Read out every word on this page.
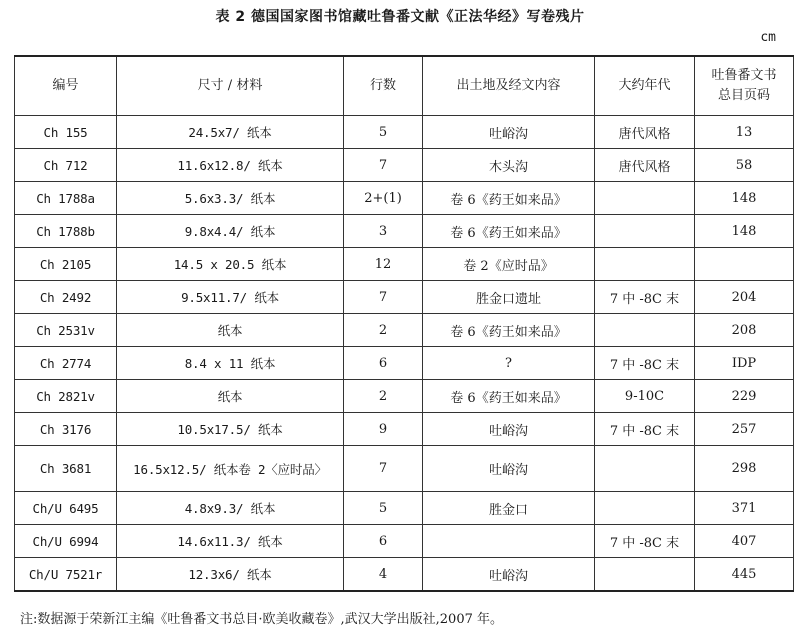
表 2 德国国家图书馆藏吐鲁番文献《正法华经》写卷残片
cm
编号	尺寸 / 材料	行数	出土地及经文内容	大约年代	吐鲁番文书
总目页码

Ch 155	24.5x7/ 纸本	5	吐峪沟	唐代风格	13
Ch 712	11.6x12.8/ 纸本	7	木头沟	唐代风格	58
Ch 1788a	5.6x3.3/ 纸本	2+(1)	卷 6《药王如来品》		148
Ch 1788b	9.8x4.4/ 纸本	3	卷 6《药王如来品》		148
Ch 2105	14.5 x 20.5 纸本	12	卷 2《应时品》		
Ch 2492	9.5x11.7/ 纸本	7	胜金口遗址	7 中 -8C 末	204
Ch 2531v	纸本	2	卷 6《药王如来品》		208
Ch 2774	8.4 x 11 纸本	6	?	7 中 -8C 末	IDP
Ch 2821v	纸本	2	卷 6《药王如来品》	9-10C	229
Ch 3176	10.5x17.5/ 纸本	9	吐峪沟	7 中 -8C 末	257
Ch 3681	16.5x12.5/ 纸本卷 2〈应时品〉	7	吐峪沟		298
Ch/U 6495	4.8x9.3/ 纸本	5	胜金口		371
Ch/U 6994	14.6x11.3/ 纸本	6		7 中 -8C 末	407
Ch/U 7521r	12.3x6/ 纸本	4	吐峪沟		445
注:数据源于荣新江主编《吐鲁番文书总目·欧美收藏卷》,武汉大学出版社,2007 年。
